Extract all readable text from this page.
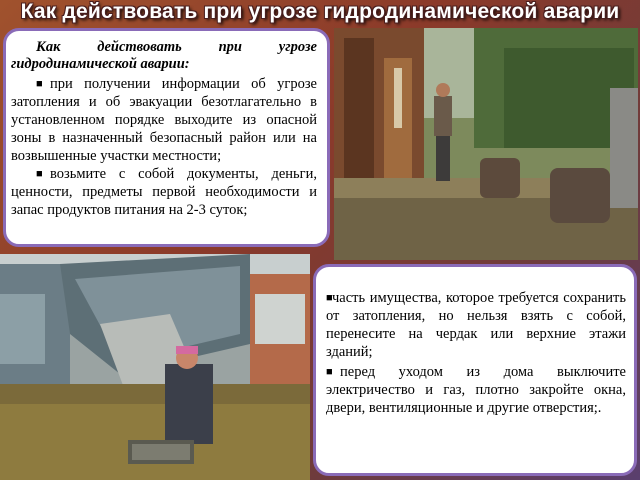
Как действовать при угрозе гидродинамической аварии

Как действовать при угрозе гидродинамической аварии:

■ при получении информации об угрозе затопления и об эвакуации безотлагательно в установленном порядке выходите из опасной зоны в назначенный безопасный район или на возвышенные участки местности;

■ возьмите с собой документы, деньги, ценности, предметы первой необходимости и запас продуктов питания на 2-3 суток;

■часть имущества, которое требуется сохранить от затопления, но нельзя взять с собой, перенесите на чердак или верхние этажи зданий;

■ перед уходом из дома выключите электричество и газ, плотно закройте окна, двери, вентиляционные и другие отверстия;.
